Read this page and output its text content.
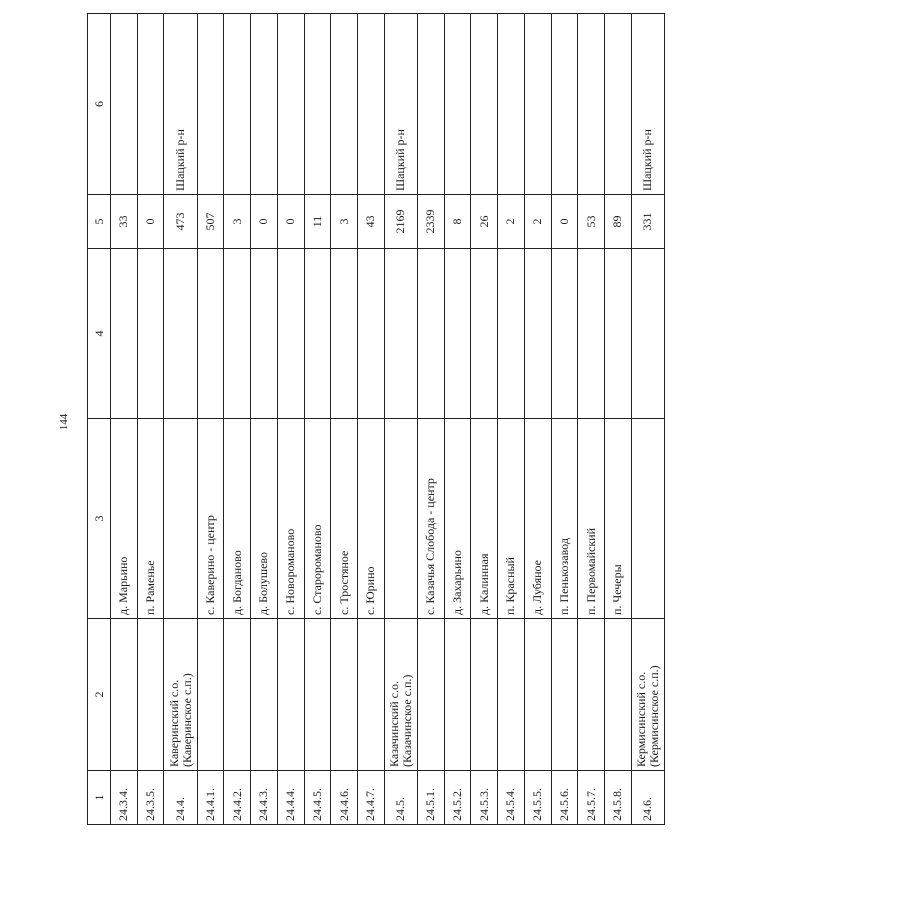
144
1	2	3	4	5	6
24.3.4.		д. Марьино		33	
24.3.5.		п. Раменье		0	
24.4.	Каверинский с.о. (Каверинское с.п.)			473	Шацкий р-н
24.4.1.		с. Каверино - центр		507	
24.4.2.		д. Богданово		3	
24.4.3.		д. Болушево		0	
24.4.4.		с. Новороманово		0	
24.4.5.		с. Старороманово		11	
24.4.6.		с. Тростяное		3	
24.4.7.		с. Юрино		43	
24.5.	Казачинский с.о. (Казачинское с.п.)			2169	Шацкий р-н
24.5.1.		с. Казачья Слобода - центр		2339	
24.5.2.		д. Захарьино		8	
24.5.3.		д. Калинная		26	
24.5.4.		п. Красный		2	
24.5.5.		д. Лубяное		2	
24.5.6.		п. Пенькозавод		0	
24.5.7.		п. Первомайский		53	
24.5.8.		п. Чечеры		89	
24.6.	Кермисинский с.о. (Кермисинское с.п.)			331	Шацкий р-н
